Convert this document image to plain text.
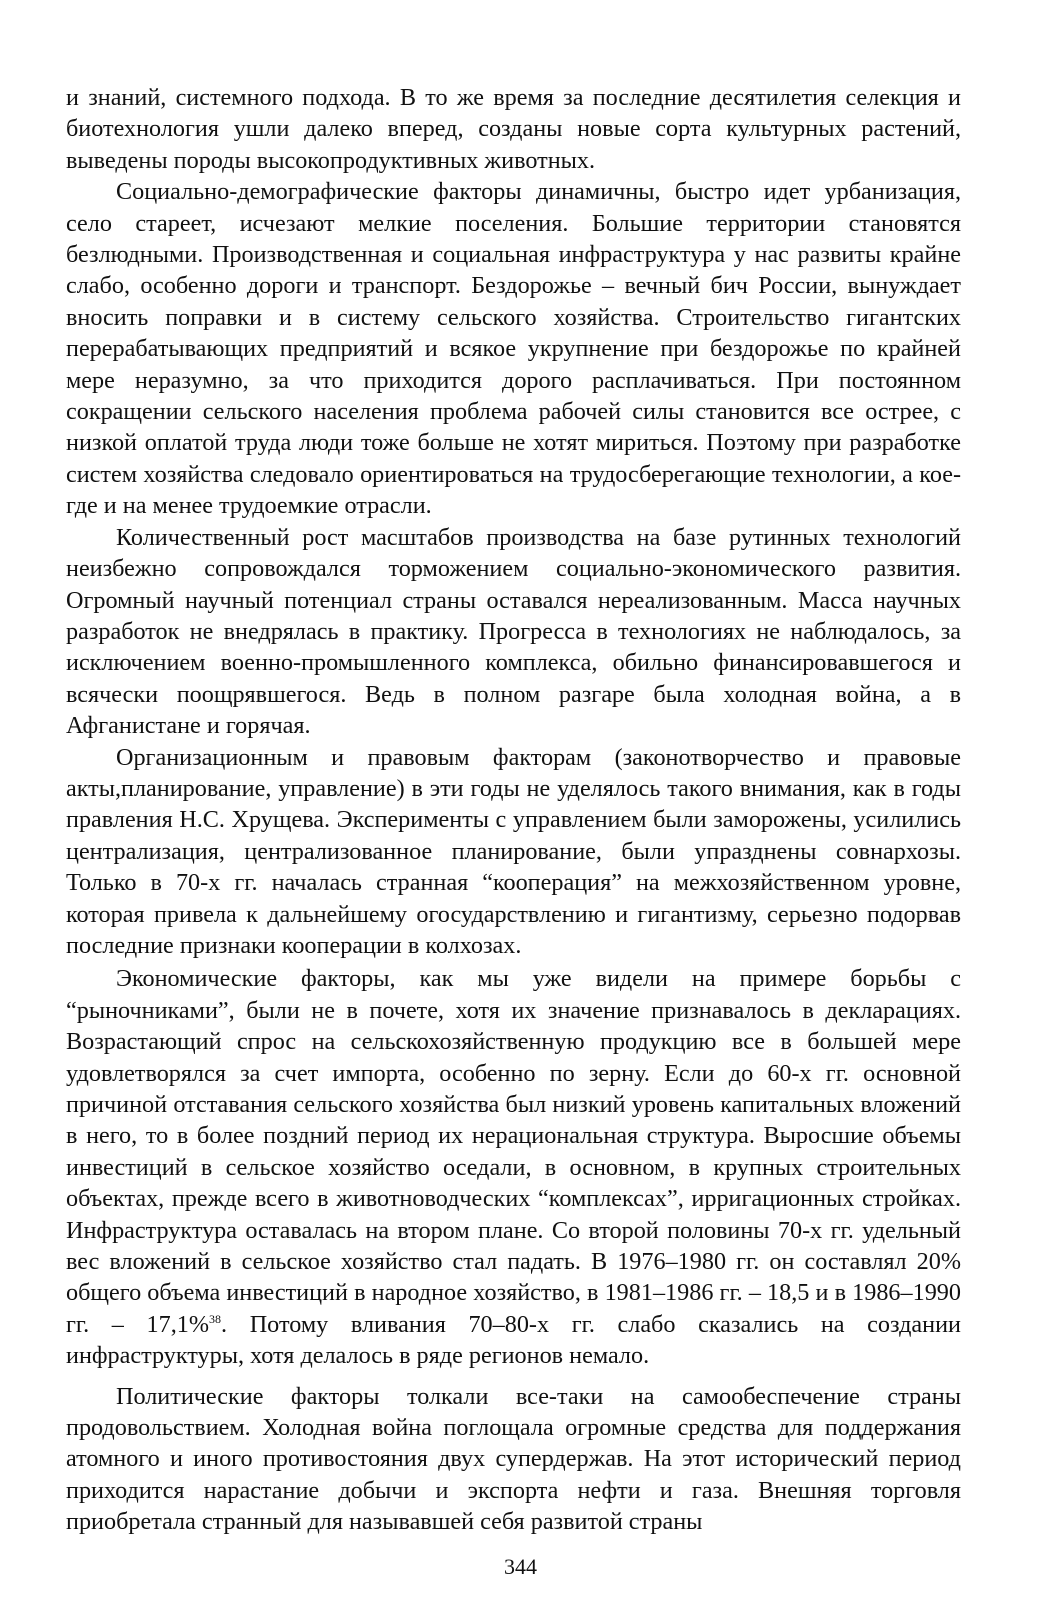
и знаний, системного подхода. В то же время за последние десятилетия селекция и биотехнология ушли далеко вперед, созданы новые сорта культурных растений, выведены породы высокопродуктивных животных.

Социально-демографические факторы динамичны, быстро идет урбанизация, село стареет, исчезают мелкие поселения. Большие территории становятся безлюдными. Производственная и социальная инфраструктура у нас развиты крайне слабо, особенно дороги и транспорт. Бездорожье – вечный бич России, вынуждает вносить поправки и в систему сельского хозяйства. Строительство гигантских перерабатывающих предприятий и всякое укрупнение при бездорожье по крайней мере неразумно, за что приходится дорого расплачиваться. При постоянном сокращении сельского населения проблема рабочей силы становится все острее, с низкой оплатой труда люди тоже больше не хотят мириться. Поэтому при разработке систем хозяйства следовало ориентироваться на трудосберегающие технологии, а кое-где и на менее трудоемкие отрасли.

Количественный рост масштабов производства на базе рутинных технологий неизбежно сопровождался торможением социально-экономического развития. Огромный научный потенциал страны оставался нереализованным. Масса научных разработок не внедрялась в практику. Прогресса в технологиях не наблюдалось, за исключением военно-промышленного комплекса, обильно финансировавшегося и всячески поощрявшегося. Ведь в полном разгаре была холодная война, а в Афганистане и горячая.

Организационным и правовым факторам (законотворчество и правовые акты,планирование, управление) в эти годы не уделялось такого внимания, как в годы правления Н.С. Хрущева. Эксперименты с управлением были заморожены, усилились централизация, централизованное планирование, были упразднены совнархозы. Только в 70-х гг. началась странная “кооперация” на межхозяйственном уровне, которая привела к дальнейшему огосударствлению и гигантизму, серьезно подорвав последние признаки кооперации в колхозах.

Экономические факторы, как мы уже видели на примере борьбы с “рыночниками”, были не в почете, хотя их значение признавалось в декларациях. Возрастающий спрос на сельскохозяйственную продукцию все в большей мере удовлетворялся за счет импорта, особенно по зерну. Если до 60-х гг. основной причиной отставания сельского хозяйства был низкий уровень капитальных вложений в него, то в более поздний период их нерациональная структура. Выросшие объемы инвестиций в сельское хозяйство оседали, в основном, в крупных строительных объектах, прежде всего в животноводческих “комплексах”, ирригационных стройках. Инфраструктура оставалась на втором плане. Со второй половины 70-х гг. удельный вес вложений в сельское хозяйство стал падать. В 1976–1980 гг. он составлял 20% общего объема инвестиций в народное хозяйство, в 1981–1986 гг. – 18,5 и в 1986–1990 гг. – 17,1%$^{38}$. Потому вливания 70–80-х гг. слабо сказались на создании инфраструктуры, хотя делалось в ряде регионов немало.

Политические факторы толкали все-таки на самообеспечение страны продовольствием. Холодная война поглощала огромные средства для поддержания атомного и иного противостояния двух супердержав. На этот исторический период приходится нарастание добычи и экспорта нефти и газа. Внешняя торговля приобретала странный для называвшей себя развитой страны

344
